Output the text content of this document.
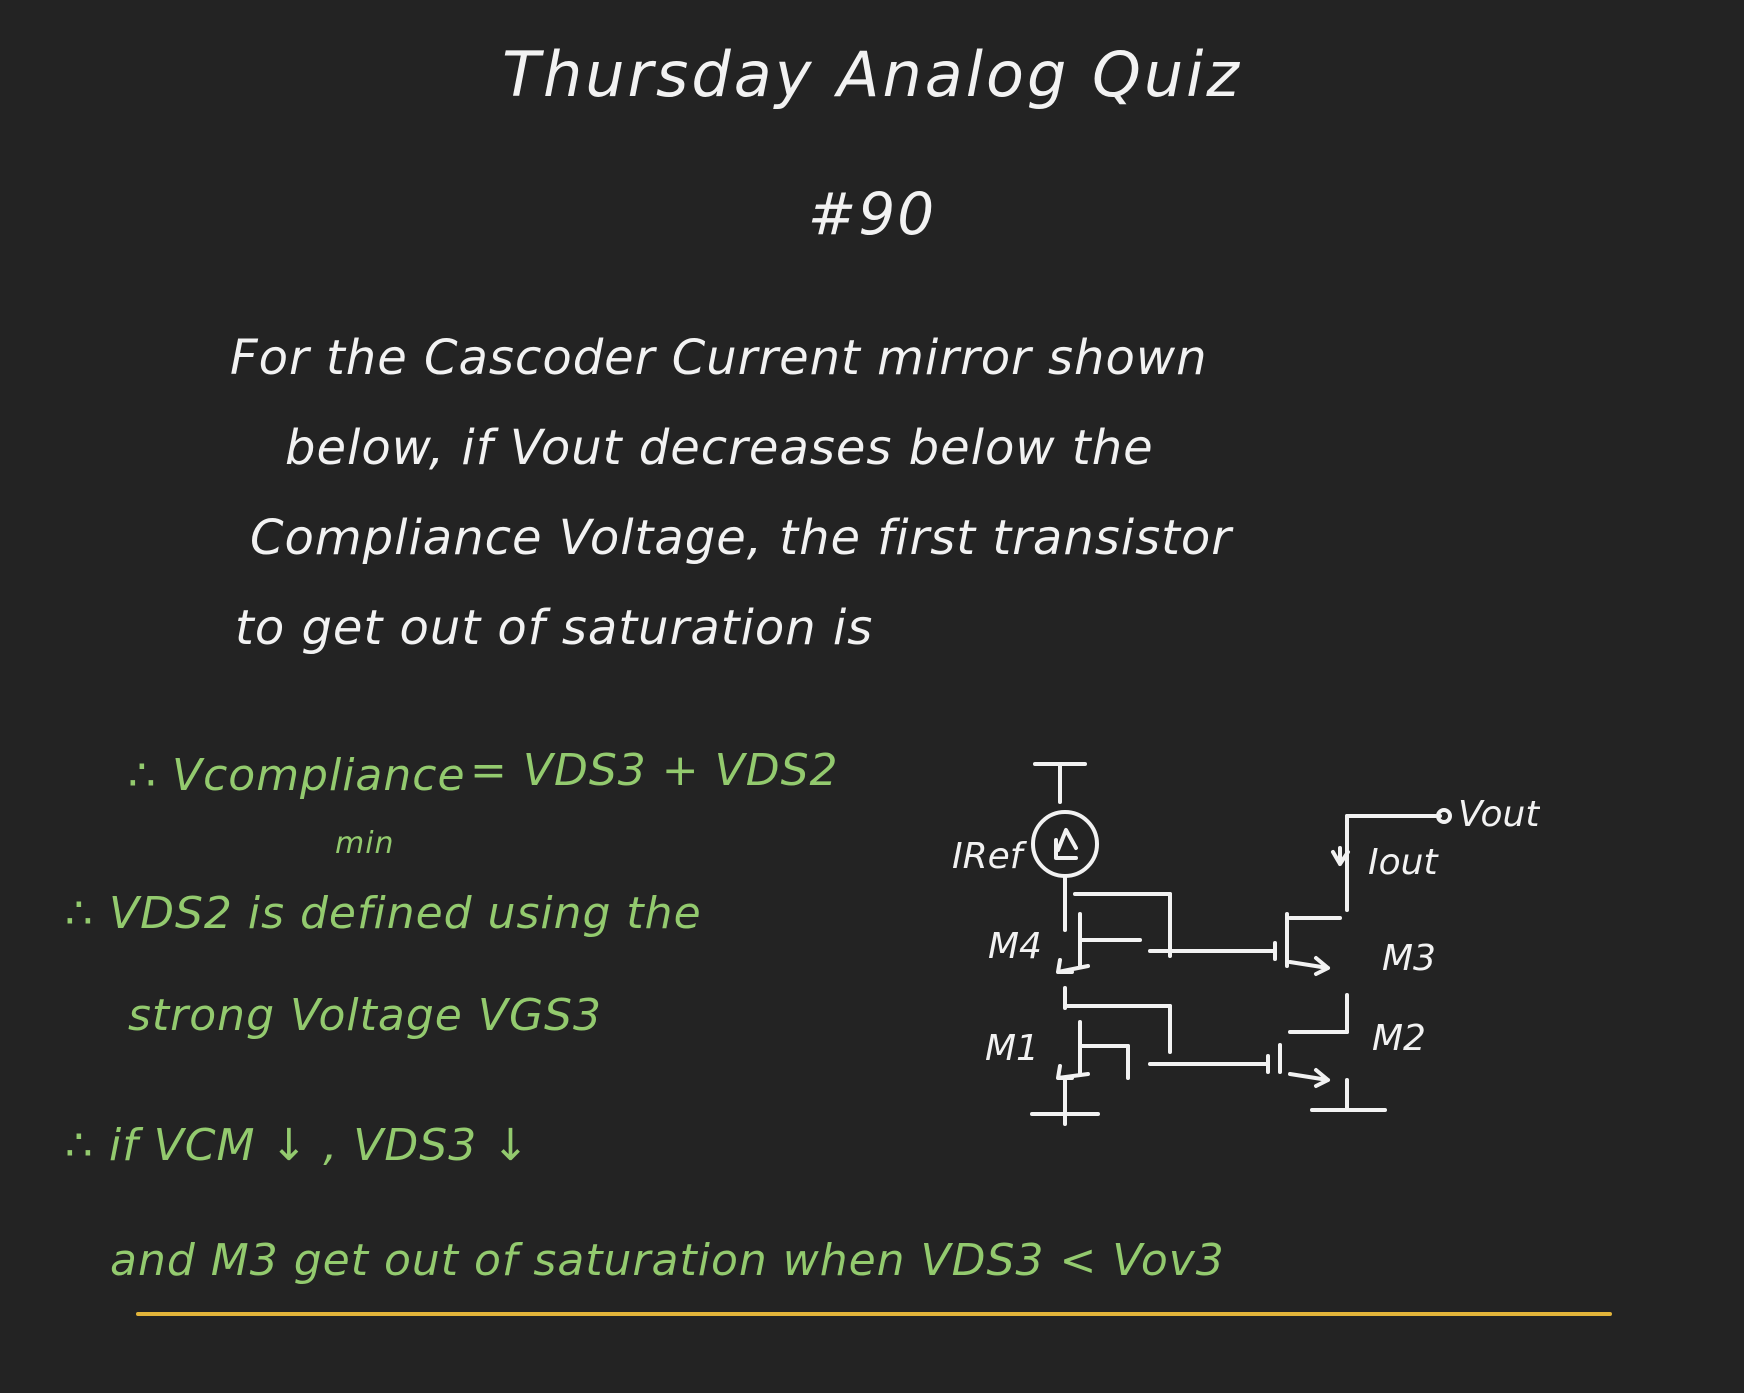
Thursday Analog Quiz
#90
For the Cascoder Current mirror shown
below, if Vout decreases below the
Compliance Voltage, the first transistor
to get out of saturation is
∴ Vcompliance
min
= VDS3 + VDS2
∴ VDS2 is defined using the
strong Voltage VGS3
∴ if VCM ↓ , VDS3 ↓
and M3 get out of saturation when VDS3 < Vov3
IRef
M4	M3
Vout
Iout
M1	M2
